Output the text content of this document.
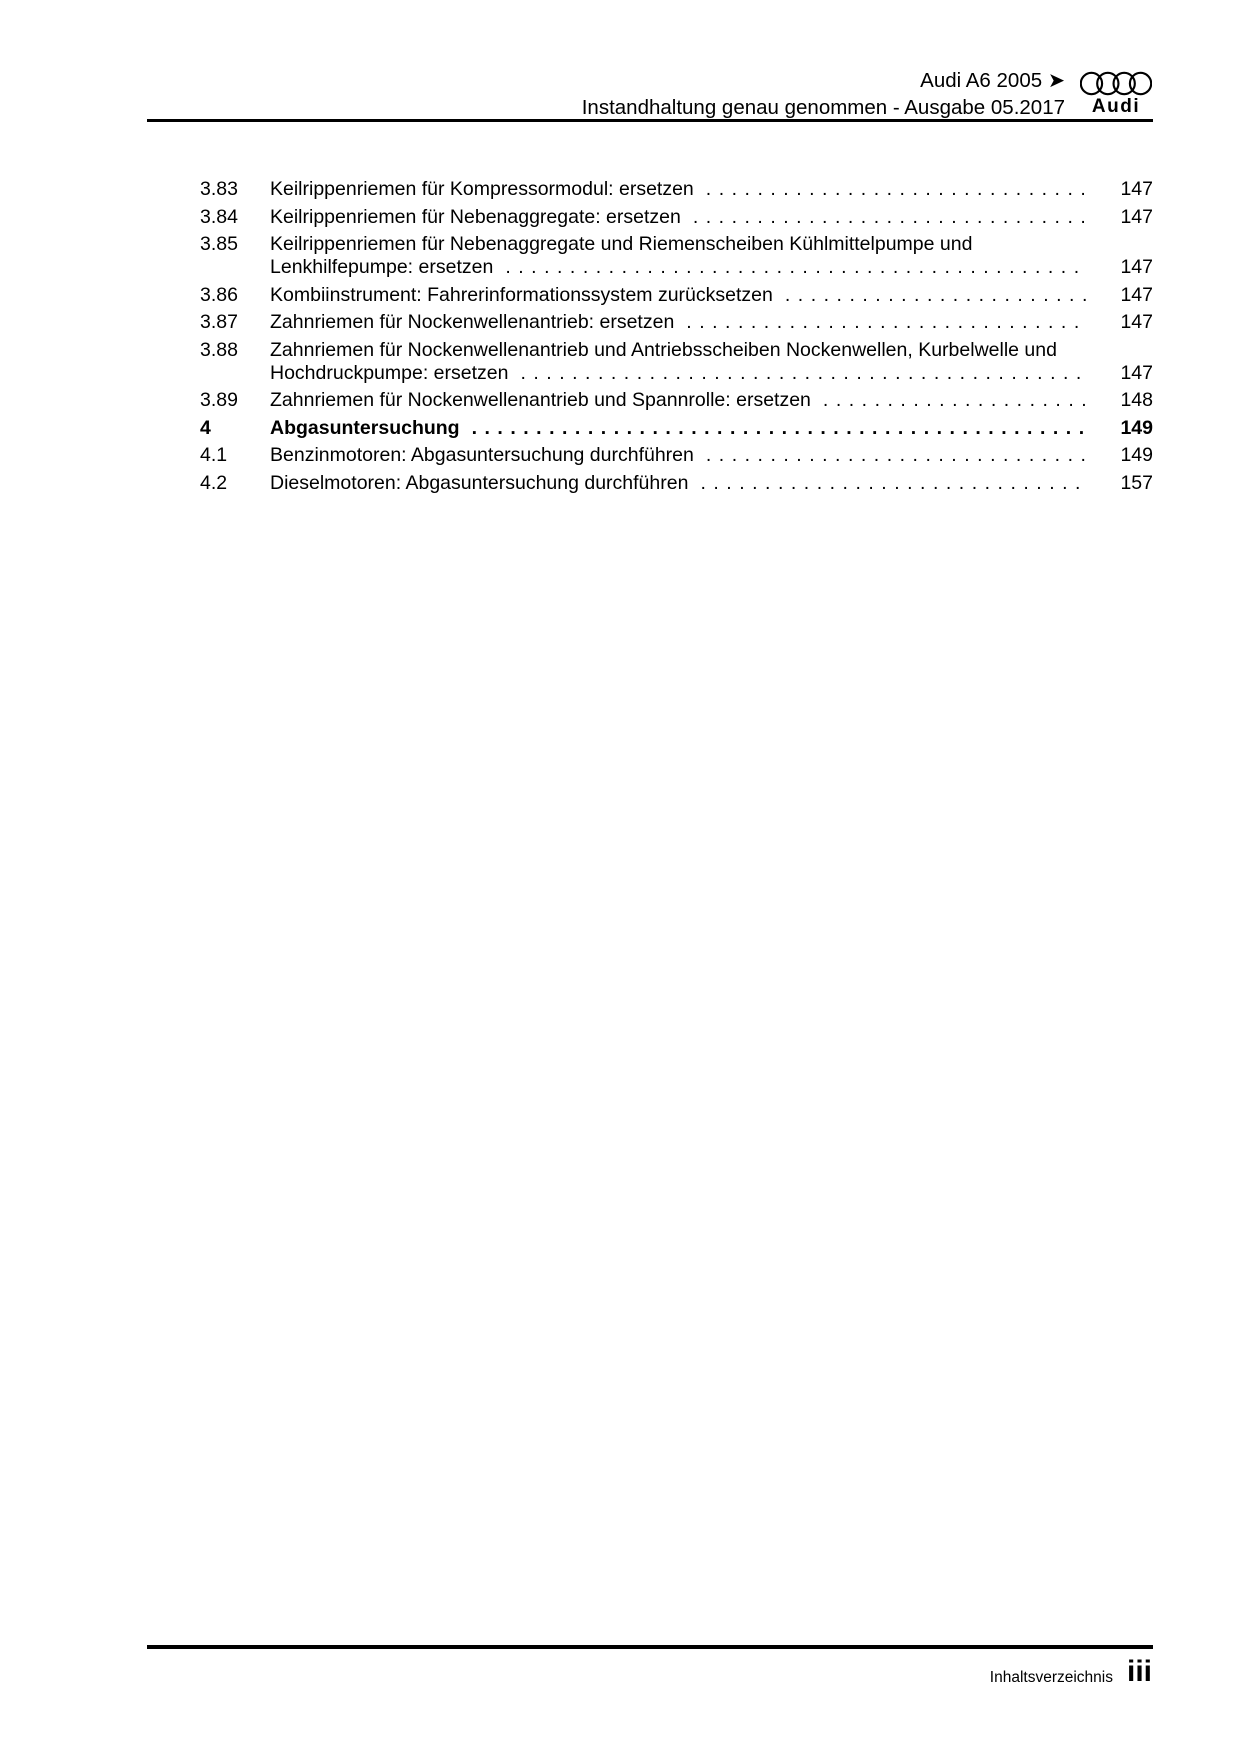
Audi A6 2005 ➤
Instandhaltung genau genommen - Ausgabe 05.2017	Audi
3.83	Keilrippenriemen für Kompressormodul: ersetzen .....	147
3.84	Keilrippenriemen für Nebenaggregate: ersetzen .....	147
3.85	Keilrippenriemen für Nebenaggregate und Riemenscheiben Kühlmittelpumpe und
Lenkhilfepumpe: ersetzen .....	147
3.86	Kombiinstrument: Fahrerinformationssystem zurücksetzen .....	147
3.87	Zahnriemen für Nockenwellenantrieb: ersetzen .....	147
3.88	Zahnriemen für Nockenwellenantrieb und Antriebsscheiben Nockenwellen, Kurbelwelle und
Hochdruckpumpe: ersetzen .....	147
3.89	Zahnriemen für Nockenwellenantrieb und Spannrolle: ersetzen .....	148
4	Abgasuntersuchung .....	149
4.1	Benzinmotoren: Abgasuntersuchung durchführen .....	149
4.2	Dieselmotoren: Abgasuntersuchung durchführen .....	157
Inhaltsverzeichnis iii
